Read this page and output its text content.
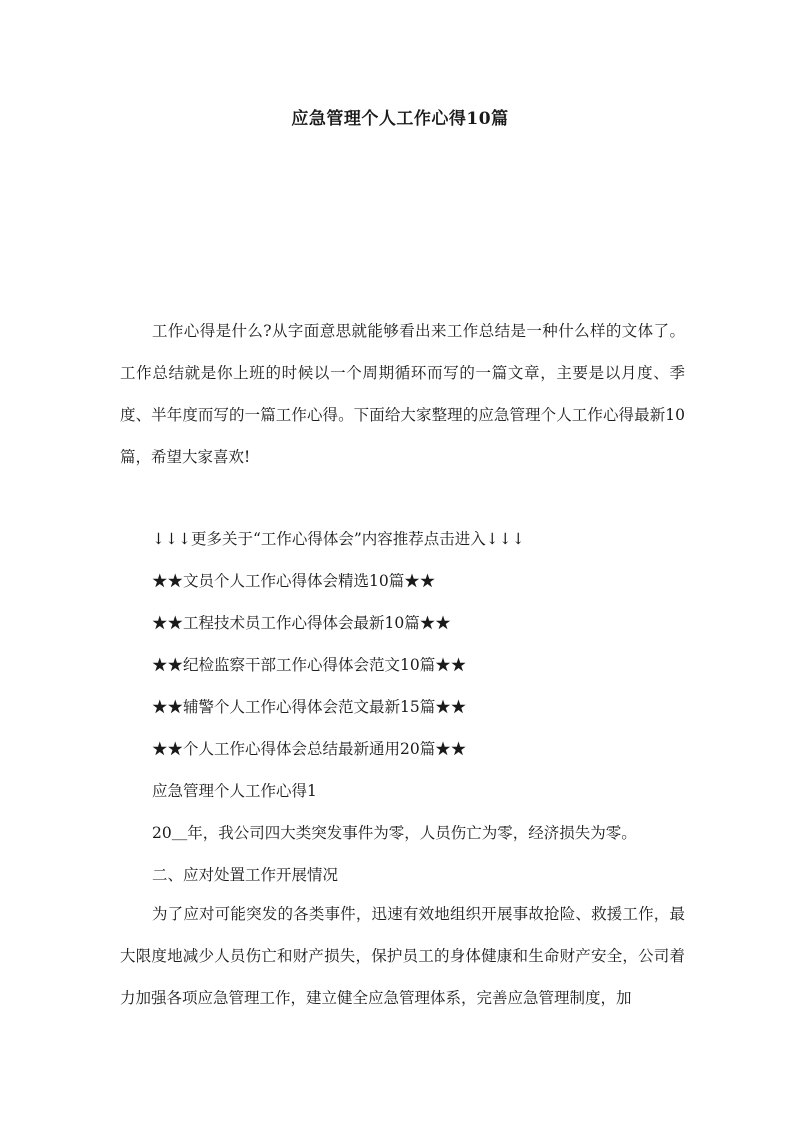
应急管理个人工作心得10篇

工作心得是什么?从字面意思就能够看出来工作总结是一种什么样的文体了。工作总结就是你上班的时候以一个周期循环而写的一篇文章，主要是以月度、季度、半年度而写的一篇工作心得。下面给大家整理的应急管理个人工作心得最新10篇，希望大家喜欢!

↓↓↓更多关于“工作心得体会”内容推荐点击进入↓↓↓

★★文员个人工作心得体会精选10篇★★

★★工程技术员工作心得体会最新10篇★★

★★纪检监察干部工作心得体会范文10篇★★

★★辅警个人工作心得体会范文最新15篇★★

★★个人工作心得体会总结最新通用20篇★★

应急管理个人工作心得1

20＿年，我公司四大类突发事件为零，人员伤亡为零，经济损失为零。

二、应对处置工作开展情况

为了应对可能突发的各类事件，迅速有效地组织开展事故抢险、救援工作，最大限度地减少人员伤亡和财产损失，保护员工的身体健康和生命财产安全，公司着力加强各项应急管理工作，建立健全应急管理体系，完善应急管理制度，加
